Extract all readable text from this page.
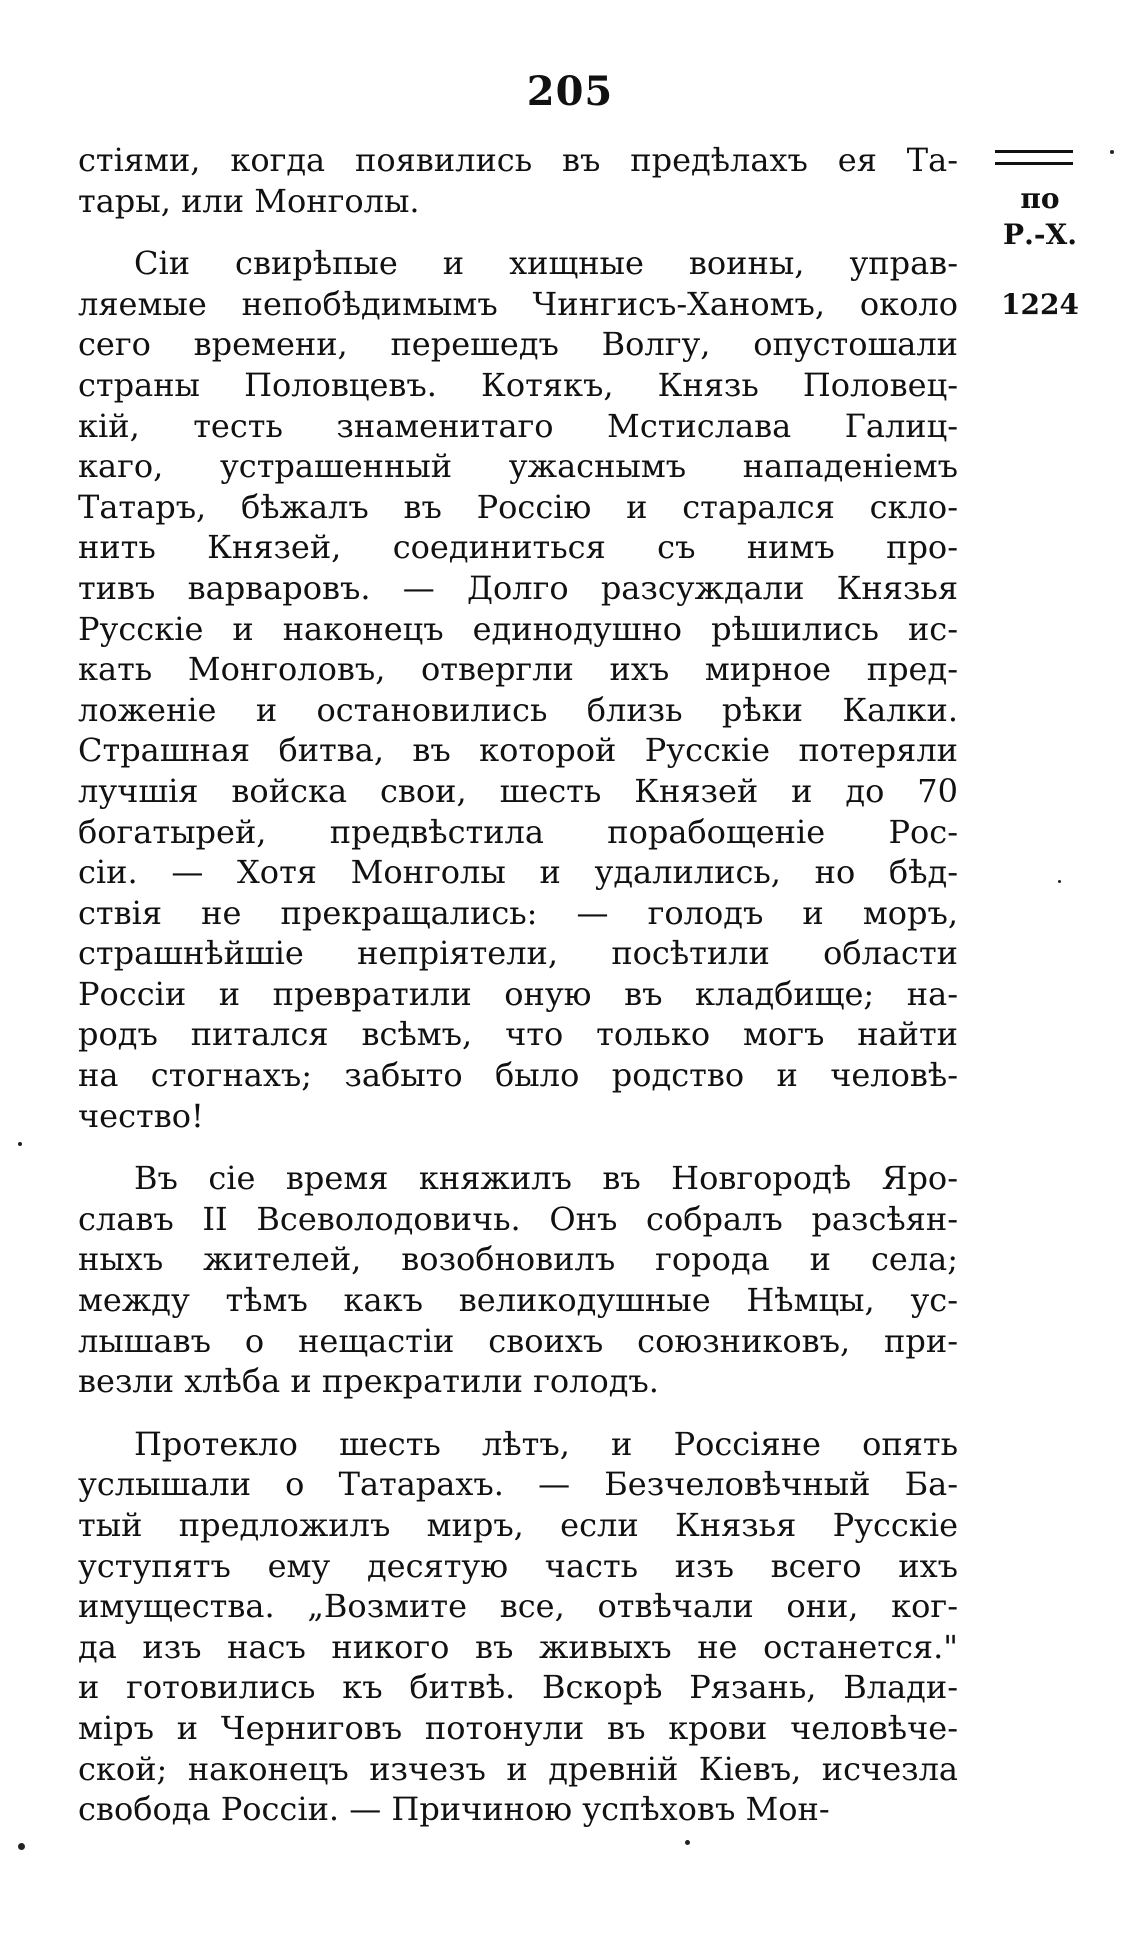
205
по
Р.-Х.
1224
стіями, когда появились въ предѣлахъ ея Та-
тары, или Монголы.
Сіи свирѣпые и хищные воины, управ-
ляемые непобѣдимымъ Чингисъ-Ханомъ, около
сего времени, перешедъ Волгу, опустошали
страны Половцевъ. Котякъ, Князь Половец-
кій, тесть знаменитаго Мстислава Галиц-
каго, устрашенный ужаснымъ нападеніемъ
Татаръ, бѣжалъ въ Россію и старался скло-
нить Князей, соединиться съ нимъ про-
тивъ варваровъ. — Долго разсуждали Князья
Русскіе и наконецъ единодушно рѣшились ис-
кать Монголовъ, отвергли ихъ мирное пред-
ложеніе и остановились близь рѣки Калки.
Страшная битва, въ которой Русскіе потеряли
лучшія войска свои, шесть Князей и до 70
богатырей, предвѣстила порабощеніе Рос-
сіи. — Хотя Монголы и удалились, но бѣд-
ствія не прекращались: — голодъ и моръ,
страшнѣйшіе непріятели, посѣтили области
Россіи и превратили оную въ кладбище; на-
родъ питался всѣмъ, что только могъ найти
на стогнахъ; забыто было родство и человѣ-
чество!
Въ сіе время княжилъ въ Новгородѣ Яро-
славъ II Всеволодовичь. Онъ собралъ разсѣян-
ныхъ жителей, возобновилъ города и села;
между тѣмъ какъ великодушные Нѣмцы, ус-
лышавъ о нещастіи своихъ союзниковъ, при-
везли хлѣба и прекратили голодъ.
Протекло шесть лѣтъ, и Россіяне опять
услышали о Татарахъ. — Безчеловѣчный Ба-
тый предложилъ миръ, если Князья Русскіе
уступятъ ему десятую часть изъ всего ихъ
имущества. „Возмите все, отвѣчали они, ког-
да изъ насъ никого въ живыхъ не останется."
и готовились къ битвѣ. Вскорѣ Рязань, Влади-
міръ и Черниговъ потонули въ крови человѣче-
ской; наконецъ изчезъ и древній Кіевъ, исчезла
свобода Россіи. — Причиною успѣховъ Мон-
